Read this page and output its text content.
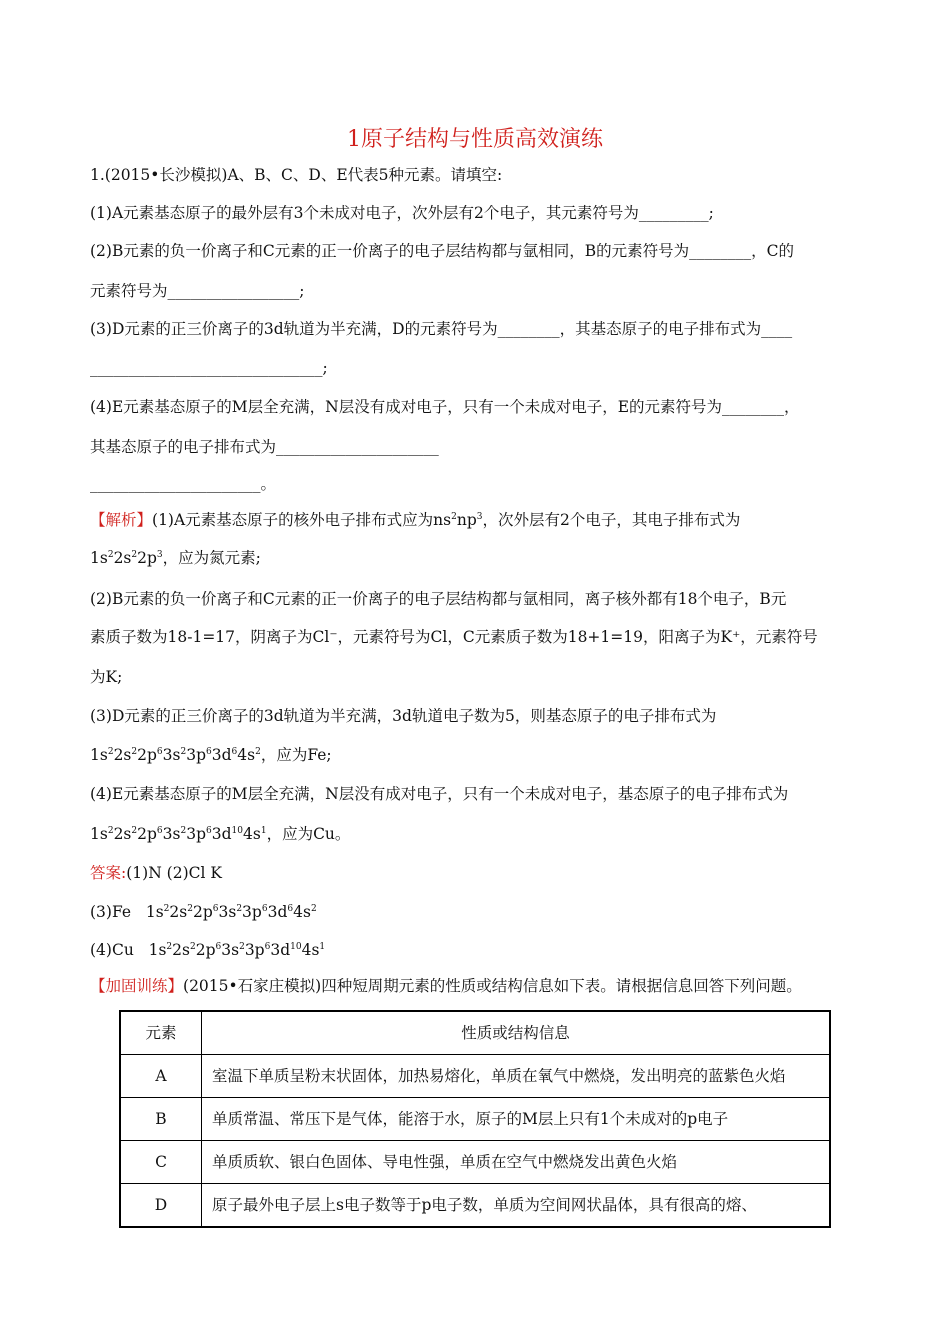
1原子结构与性质高效演练
1.(2015•长沙模拟)A、B、C、D、E代表5种元素。请填空:
(1)A元素基态原子的最外层有3个未成对电子，次外层有2个电子，其元素符号为_________;
(2)B元素的负一价离子和C元素的正一价离子的电子层结构都与氩相同，B的元素符号为________，C的
元素符号为_________________;
(3)D元素的正三价离子的3d轨道为半充满，D的元素符号为________，其基态原子的电子排布式为____
______________________________;
(4)E元素基态原子的M层全充满，N层没有成对电子，只有一个未成对电子，E的元素符号为________，
其基态原子的电子排布式为_____________________
______________________。
【解析】(1)A元素基态原子的核外电子排布式应为$ns^2np^3$，次外层有2个电子，其电子排布式为
$1s^22s^22p^3$，应为氮元素;
(2)B元素的负一价离子和C元素的正一价离子的电子层结构都与氩相同，离子核外都有18个电子，B元
素质子数为18-1=17，阴离子为Cl⁻，元素符号为Cl，C元素质子数为18+1=19，阳离子为K⁺，元素符号
为K;
(3)D元素的正三价离子的3d轨道为半充满，3d轨道电子数为5，则基态原子的电子排布式为
$1s^22s^22p^63s^23p^63d^64s^2$，应为Fe;
(4)E元素基态原子的M层全充满，N层没有成对电子，只有一个未成对电子，基态原子的电子排布式为
$1s^22s^22p^63s^23p^63d^{10}4s^1$，应为Cu。
答案:(1)N (2)Cl K
(3)Fe   $1s^22s^22p^63s^23p^63d^64s^2$
(4)Cu   $1s^22s^22p^63s^23p^63d^{10}4s^1$
【加固训练】(2015•石家庄模拟)四种短周期元素的性质或结构信息如下表。请根据信息回答下列问题。
元素	性质或结构信息
A	室温下单质呈粉末状固体，加热易熔化，单质在氧气中燃烧，发出明亮的蓝紫色火焰
B	单质常温、常压下是气体，能溶于水，原子的M层上只有1个未成对的p电子
C	单质质软、银白色固体、导电性强，单质在空气中燃烧发出黄色火焰
D	原子最外电子层上s电子数等于p电子数，单质为空间网状晶体，具有很高的熔、
